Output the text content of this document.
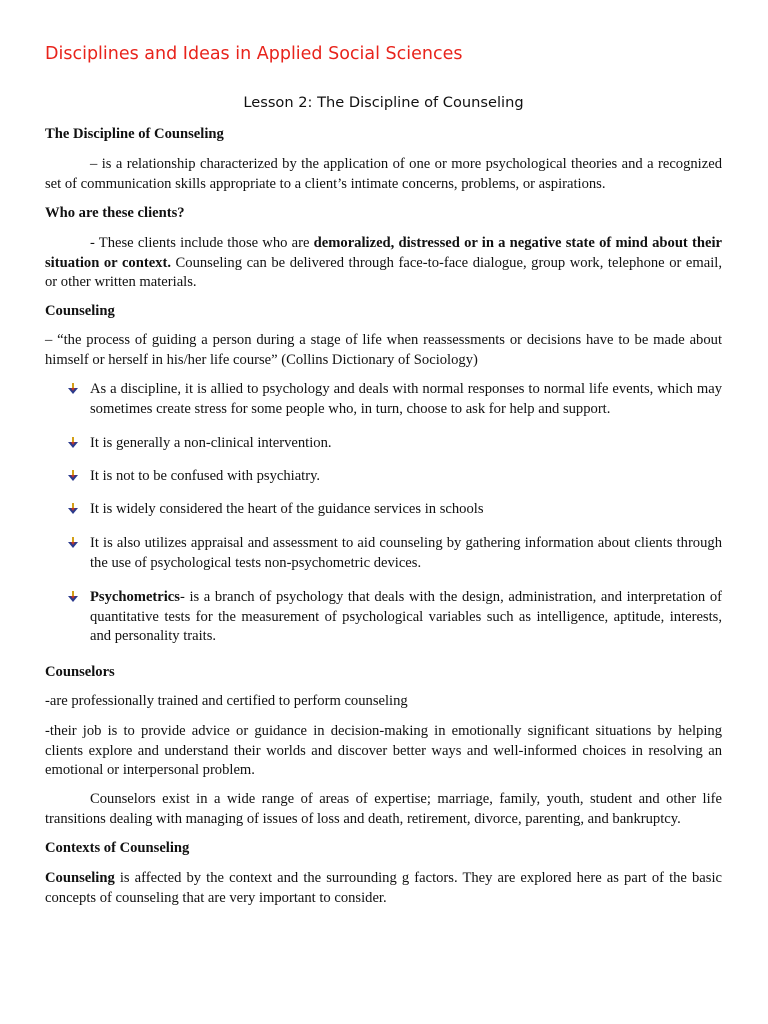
Disciplines and Ideas in Applied Social Sciences
Lesson 2: The Discipline of Counseling

The Discipline of Counseling

– is a relationship characterized by the application of one or more psychological theories and a recognized set of communication skills appropriate to a client’s intimate concerns, problems, or aspirations.

Who are these clients?

- These clients include those who are demoralized, distressed or in a negative state of mind about their situation or context. Counseling can be delivered through face-to-face dialogue, group work, telephone or email, or other written materials.

Counseling

– “the process of guiding a person during a stage of life when reassessments or decisions have to be made about himself or herself in his/her life course” (Collins Dictionary of Sociology)

As a discipline, it is allied to psychology and deals with normal responses to normal life events, which may sometimes create stress for some people who, in turn, choose to ask for help and support.
It is generally a non-clinical intervention.
It is not to be confused with psychiatry.
It is widely considered the heart of the guidance services in schools
It is also utilizes appraisal and assessment to aid counseling by gathering information about clients through the use of psychological tests non-psychometric devices.
Psychometrics- is a branch of psychology that deals with the design, administration, and interpretation of quantitative tests for the measurement of psychological variables such as intelligence, aptitude, interests, and personality traits.

Counselors

-are professionally trained and certified to perform counseling

-their job is to provide advice or guidance in decision-making in emotionally significant situations by helping clients explore and understand their worlds and discover better ways and well-informed choices in resolving an emotional or interpersonal problem.

Counselors exist in a wide range of areas of expertise; marriage, family, youth, student and other life transitions dealing with managing of issues of loss and death, retirement, divorce, parenting, and bankruptcy.

Contexts of Counseling

Counseling is affected by the context and the surrounding g factors. They are explored here as part of the basic concepts of counseling that are very important to consider.
